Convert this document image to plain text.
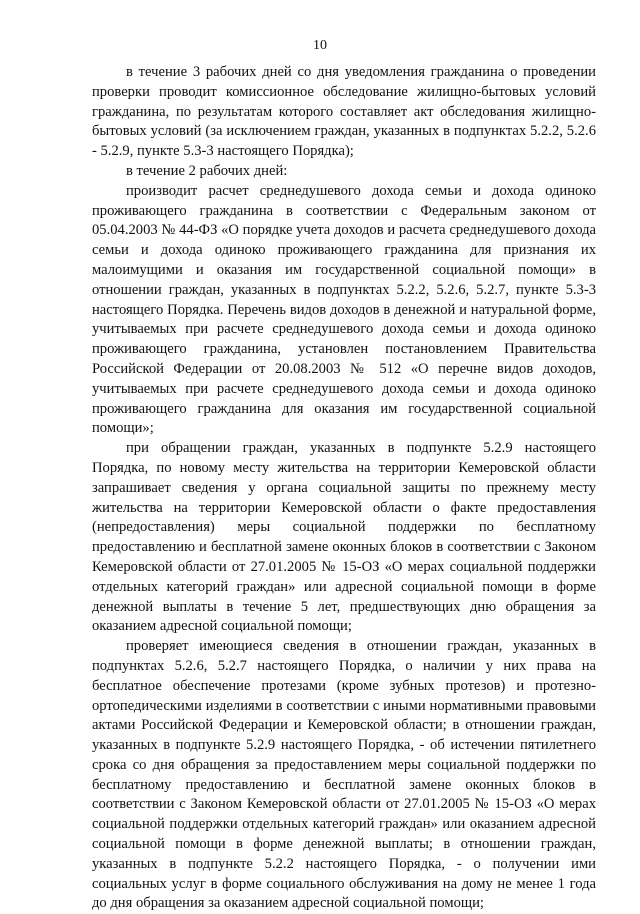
10

в течение 3 рабочих дней со дня уведомления гражданина о проведении проверки проводит комиссионное обследование жилищно-бытовых условий гражданина, по результатам которого составляет акт обследования жилищно-бытовых условий (за исключением граждан, указанных в подпунктах 5.2.2, 5.2.6 - 5.2.9, пункте 5.3-3 настоящего Порядка);

в течение 2 рабочих дней:

производит расчет среднедушевого дохода семьи и дохода одиноко проживающего гражданина в соответствии с Федеральным законом от 05.04.2003 № 44-ФЗ «О порядке учета доходов и расчета среднедушевого дохода семьи и дохода одиноко проживающего гражданина для признания их малоимущими и оказания им государственной социальной помощи» в отношении граждан, указанных в подпунктах 5.2.2, 5.2.6, 5.2.7, пункте 5.3-3 настоящего Порядка. Перечень видов доходов в денежной и натуральной форме, учитываемых при расчете среднедушевого дохода семьи и дохода одиноко проживающего гражданина, установлен постановлением Правительства Российской Федерации от 20.08.2003 № 512 «О перечне видов доходов, учитываемых при расчете среднедушевого дохода семьи и дохода одиноко проживающего гражданина для оказания им государственной социальной помощи»;

при обращении граждан, указанных в подпункте 5.2.9 настоящего Порядка, по новому месту жительства на территории Кемеровской области запрашивает сведения у органа социальной защиты по прежнему месту жительства на территории Кемеровской области о факте предоставления (непредоставления) меры социальной поддержки по бесплатному предоставлению и бесплатной замене оконных блоков в соответствии с Законом Кемеровской области от 27.01.2005 № 15-ОЗ «О мерах социальной поддержки отдельных категорий граждан» или адресной социальной помощи в форме денежной выплаты в течение 5 лет, предшествующих дню обращения за оказанием адресной социальной помощи;

проверяет имеющиеся сведения в отношении граждан, указанных в подпунктах 5.2.6, 5.2.7 настоящего Порядка, о наличии у них права на бесплатное обеспечение протезами (кроме зубных протезов) и протезно-ортопедическими изделиями в соответствии с иными нормативными правовыми актами Российской Федерации и Кемеровской области; в отношении граждан, указанных в подпункте 5.2.9 настоящего Порядка, - об истечении пятилетнего срока со дня обращения за предоставлением меры социальной поддержки по бесплатному предоставлению и бесплатной замене оконных блоков в соответствии с Законом Кемеровской области от 27.01.2005 № 15-ОЗ «О мерах социальной поддержки отдельных категорий граждан» или оказанием адресной социальной помощи в форме денежной выплаты; в отношении граждан, указанных в подпункте 5.2.2 настоящего Порядка, - о получении ими социальных услуг в форме социального обслуживания на дому не менее 1 года до дня обращения за оказанием адресной социальной помощи;
